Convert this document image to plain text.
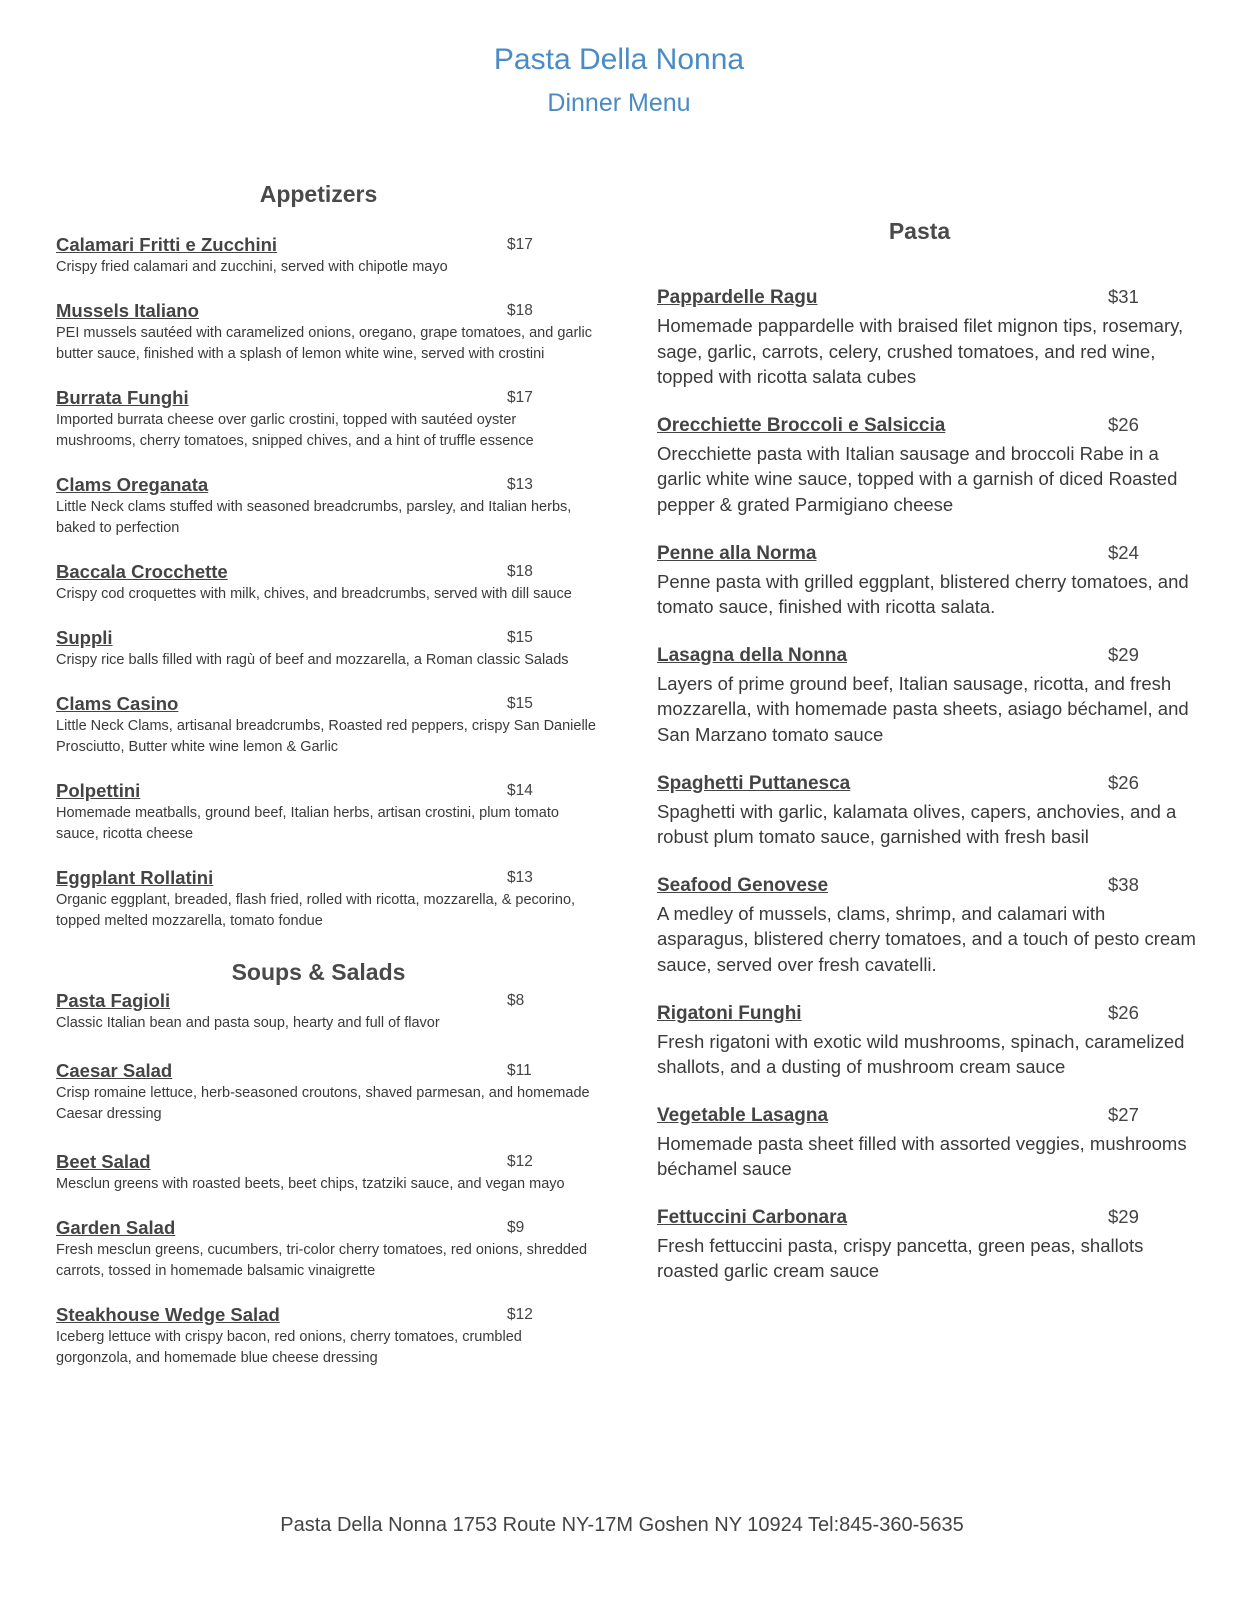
Pasta Della Nonna
Dinner Menu
Appetizers
Calamari Fritti e Zucchini	$17
Crispy fried calamari and zucchini, served with chipotle mayo
Mussels Italiano	$18
PEI mussels sautéed with caramelized onions, oregano, grape tomatoes, and garlic butter sauce, finished with a splash of lemon white wine, served with crostini
Burrata Funghi	$17
Imported burrata cheese over garlic crostini, topped with sautéed oyster mushrooms, cherry tomatoes, snipped chives, and a hint of truffle essence
Clams Oreganata	$13
Little Neck clams stuffed with seasoned breadcrumbs, parsley, and Italian herbs, baked to perfection
Baccala Crocchette	$18
Crispy cod croquettes with milk, chives, and breadcrumbs, served with dill sauce
Suppli	$15
Crispy rice balls filled with ragù of beef and mozzarella, a Roman classic Salads
Clams Casino	$15
Little Neck Clams, artisanal breadcrumbs, Roasted red peppers, crispy San Danielle Prosciutto, Butter white wine lemon & Garlic
Polpettini	$14
Homemade meatballs, ground beef, Italian herbs, artisan crostini, plum tomato sauce, ricotta cheese
Eggplant Rollatini	$13
Organic eggplant, breaded, flash fried, rolled with ricotta, mozzarella, & pecorino, topped melted mozzarella, tomato fondue
Soups & Salads
Pasta Fagioli	$8
Classic Italian bean and pasta soup, hearty and full of flavor
Caesar Salad	$11
Crisp romaine lettuce, herb-seasoned croutons, shaved parmesan, and homemade Caesar dressing
Beet Salad	$12
Mesclun greens with roasted beets, beet chips, tzatziki sauce, and vegan mayo
Garden Salad	$9
Fresh mesclun greens, cucumbers, tri-color cherry tomatoes, red onions, shredded carrots, tossed in homemade balsamic vinaigrette
Steakhouse Wedge Salad	$12
Iceberg lettuce with crispy bacon, red onions, cherry tomatoes, crumbled gorgonzola, and homemade blue cheese dressing
Pasta
Pappardelle Ragu	$31
Homemade pappardelle with braised filet mignon tips, rosemary, sage, garlic, carrots, celery, crushed tomatoes, and red wine, topped with ricotta salata cubes
Orecchiette Broccoli e Salsiccia	$26
Orecchiette pasta with Italian sausage and broccoli Rabe in a garlic white wine sauce, topped with a garnish of diced Roasted pepper & grated Parmigiano cheese
Penne alla Norma	$24
Penne pasta with grilled eggplant, blistered cherry tomatoes, and tomato sauce, finished with ricotta salata.
Lasagna della Nonna	$29
Layers of prime ground beef, Italian sausage, ricotta, and fresh mozzarella, with homemade pasta sheets, asiago béchamel, and San Marzano tomato sauce
Spaghetti Puttanesca	$26
Spaghetti with garlic, kalamata olives, capers, anchovies, and a robust plum tomato sauce, garnished with fresh basil
Seafood Genovese	$38
A medley of mussels, clams, shrimp, and calamari with asparagus, blistered cherry tomatoes, and a touch of pesto cream sauce, served over fresh cavatelli.
Rigatoni Funghi	$26
Fresh rigatoni with exotic wild mushrooms, spinach, caramelized shallots, and a dusting of mushroom cream sauce
Vegetable Lasagna	$27
Homemade pasta sheet filled with assorted veggies, mushrooms béchamel sauce
Fettuccini Carbonara	$29
Fresh fettuccini pasta, crispy pancetta, green peas, shallots roasted garlic cream sauce
Pasta Della Nonna 1753 Route NY-17M Goshen NY 10924 Tel:845-360-5635
